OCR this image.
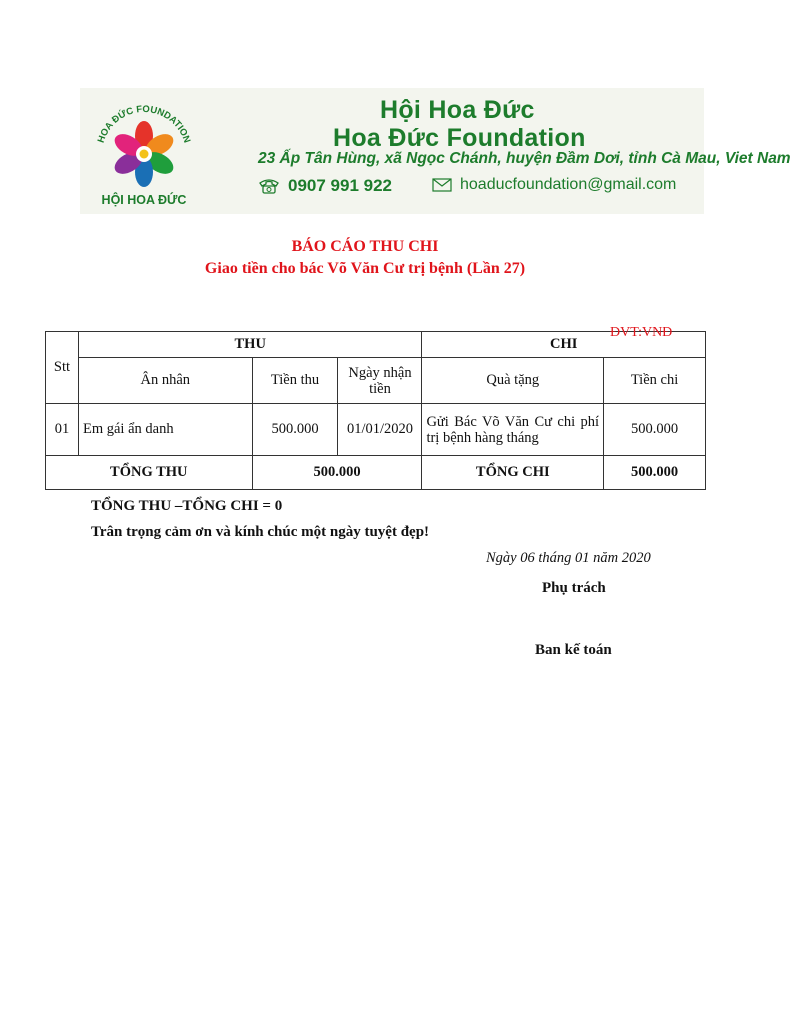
HOA ĐỨC FOUNDATION
HỘI HOA ĐỨC
Hội Hoa Đức
Hoa Đức Foundation
23 Ấp Tân Hùng, xã Ngọc Chánh, huyện Đầm Dơi, tỉnh Cà Mau, Viet Nam
0907 991 922	hoaducfoundation@gmail.com
BÁO CÁO THU CHI
Giao tiền cho bác Võ Văn Cư trị bệnh (Lần 27)
Stt	THU			CHI	
	Ân nhân	Tiền thu	Ngày nhận tiền	Quà tặng	Tiền chi
01	Em gái ẩn danh	500.000	01/01/2020	Gửi Bác Võ Văn Cư chi phí trị bệnh hàng tháng	500.000
TỔNG THU		500.000		TỔNG CHI	500.000
ĐVT:VNĐ
TỔNG THU –TỔNG CHI = 0
Trân trọng cảm ơn và kính chúc một ngày tuyệt đẹp!
Ngày 06 tháng 01 năm 2020
Phụ trách
Ban kế toán
